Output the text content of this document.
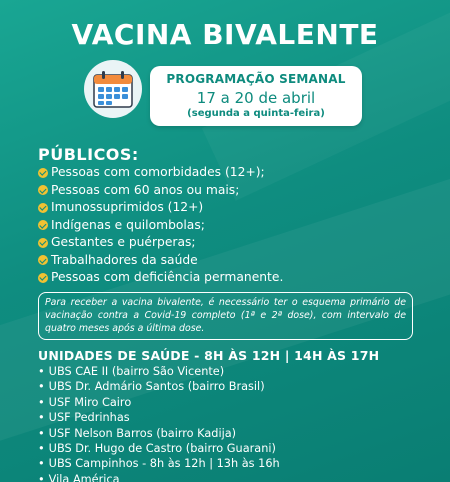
VACINA BIVALENTE
PROGRAMAÇÃO SEMANAL
17 a 20 de abril
(segunda a quinta-feira)
PÚBLICOS:
Pessoas com comorbidades (12+);
Pessoas com 60 anos ou mais;
Imunossuprimidos (12+)
Indígenas e quilombolas;
Gestantes e puérperas;
Trabalhadores da saúde
Pessoas com deficiência permanente.
Para receber a vacina bivalente, é necessário ter o esquema primário de vacinação contra a Covid-19 completo (1ª e 2ª dose), com intervalo de quatro meses após a última dose.
UNIDADES DE SAÚDE - 8H ÀS 12H | 14H ÀS 17H
• UBS CAE II (bairro São Vicente)
• UBS Dr. Admário Santos (bairro Brasil)
• USF Miro Cairo
• USF Pedrinhas
• USF Nelson Barros (bairro Kadija)
• UBS Dr. Hugo de Castro (bairro Guarani)
• UBS Campinhos - 8h às 12h | 13h às 16h
• Vila América
